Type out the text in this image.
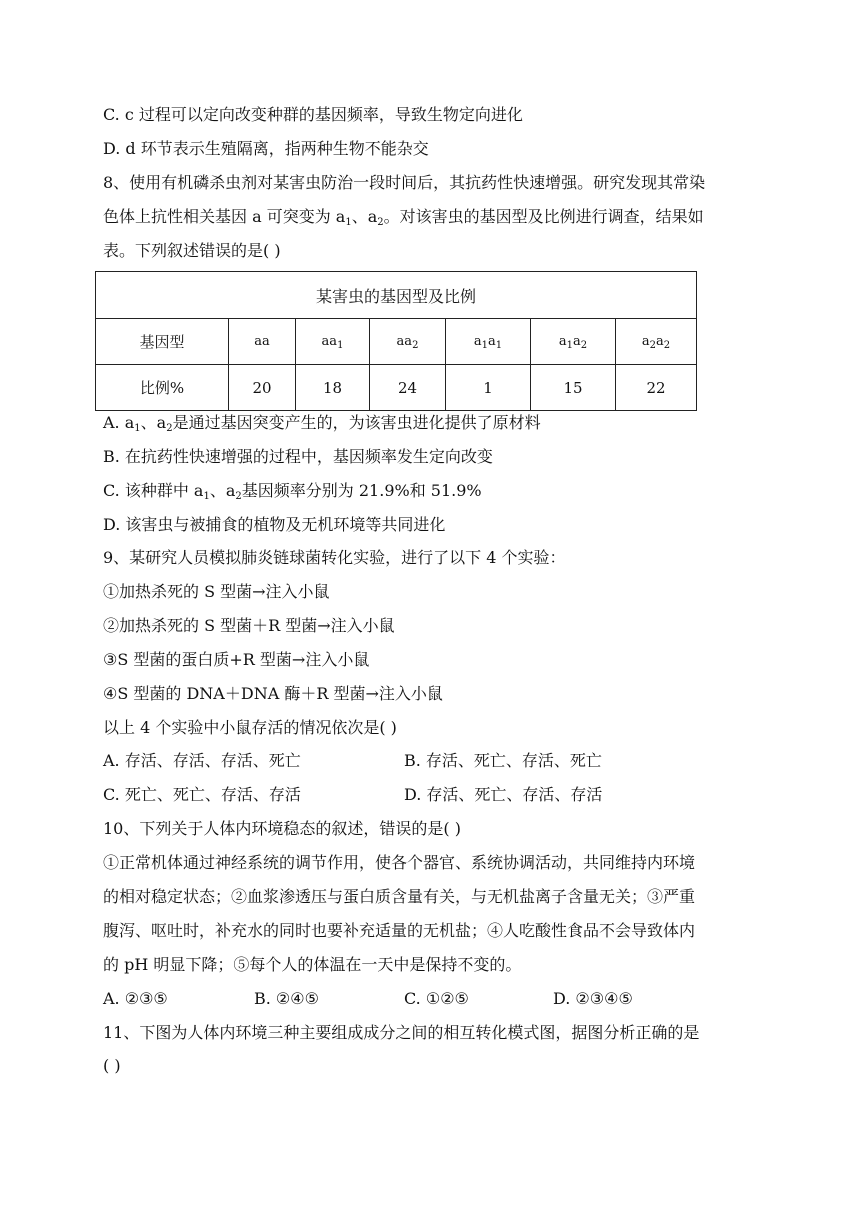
C. c 过程可以定向改变种群的基因频率，导致生物定向进化
D. d 环节表示生殖隔离，指两种生物不能杂交
8、使用有机磷杀虫剂对某害虫防治一段时间后，其抗药性快速增强。研究发现其常染
色体上抗性相关基因 a 可突变为 $a_1$、$a_2$。对该害虫的基因型及比例进行调查，结果如
表。下列叙述错误的是( )
某害虫的基因型及比例						
基因型	aa	$aa_1$	$aa_2$	$a_1a_1$	$a_1a_2$	$a_2a_2$
比例%	20	18	24	1	15	22
A. $a_1$、$a_2$是通过基因突变产生的，为该害虫进化提供了原材料
B. 在抗药性快速增强的过程中，基因频率发生定向改变
C. 该种群中 $a_1$、$a_2$基因频率分别为 21.9%和 51.9%
D. 该害虫与被捕食的植物及无机环境等共同进化
9、某研究人员模拟肺炎链球菌转化实验，进行了以下 4 个实验：
①加热杀死的 S 型菌→注入小鼠
②加热杀死的 S 型菌＋R 型菌→注入小鼠
③S 型菌的蛋白质+R 型菌→注入小鼠
④S 型菌的 DNA＋DNA 酶＋R 型菌→注入小鼠
以上 4 个实验中小鼠存活的情况依次是( )
A. 存活、存活、存活、死亡	B. 存活、死亡、存活、死亡
C. 死亡、死亡、存活、存活	D. 存活、死亡、存活、存活
10、下列关于人体内环境稳态的叙述，错误的是( )
①正常机体通过神经系统的调节作用，使各个器官、系统协调活动，共同维持内环境
的相对稳定状态；②血浆渗透压与蛋白质含量有关，与无机盐离子含量无关；③严重
腹泻、呕吐时，补充水的同时也要补充适量的无机盐；④人吃酸性食品不会导致体内
的 pH 明显下降；⑤每个人的体温在一天中是保持不变的。
A. ②③⑤	B. ②④⑤	C. ①②⑤	D. ②③④⑤
11、下图为人体内环境三种主要组成成分之间的相互转化模式图，据图分析正确的是
( )
